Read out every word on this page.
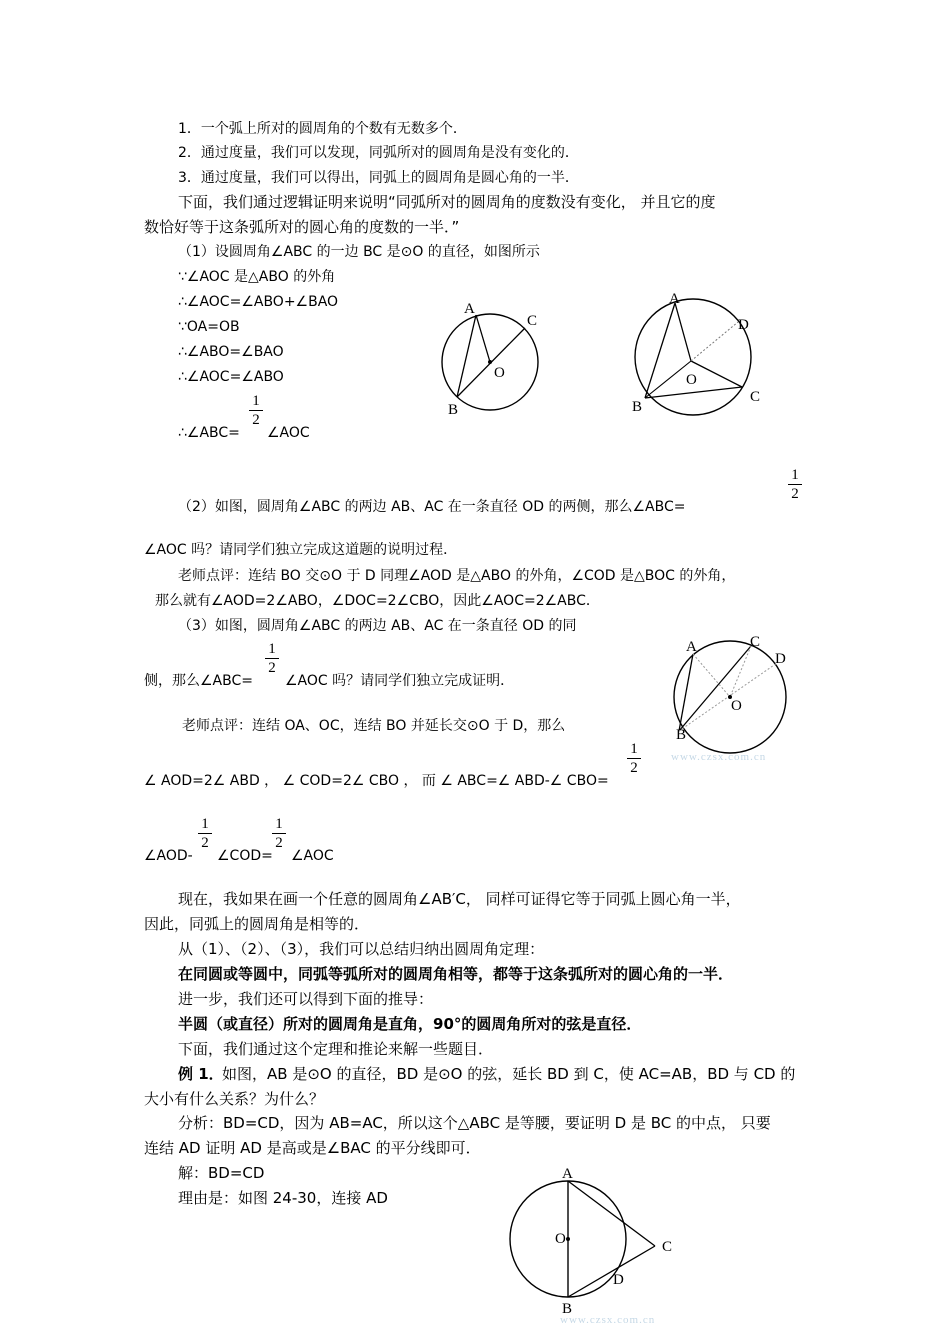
1．一个弧上所对的圆周角的个数有无数多个．
2．通过度量，我们可以发现，同弧所对的圆周角是没有变化的．
3．通过度量，我们可以得出，同弧上的圆周角是圆心角的一半．
下面，我们通过逻辑证明来说明“同弧所对的圆周角的度数没有变化， 并且它的度
数恰好等于这条弧所对的圆心角的度数的一半．”
（1）设圆周角∠ABC 的一边 BC 是⊙O 的直径，如图所示
∵∠AOC 是△ABO 的外角
∴∠AOC=∠ABO+∠BAO
∵OA=OB
∴∠ABO=∠BAO
∴∠AOC=∠ABO
∴∠ABC=
1
2
∠AOC
（2）如图，圆周角∠ABC 的两边 AB、AC 在一条直径 OD 的两侧，那么∠ABC=
1
2
∠AOC 吗？请同学们独立完成这道题的说明过程．
老师点评：连结 BO 交⊙O 于 D 同理∠AOD 是△ABO 的外角，∠COD 是△BOC 的外角，
那么就有∠AOD=2∠ABO，∠DOC=2∠CBO，因此∠AOC=2∠ABC．
（3）如图，圆周角∠ABC 的两边 AB、AC 在一条直径 OD 的同
侧，那么∠ABC=
1
2
∠AOC 吗？请同学们独立完成证明．
老师点评：连结 OA、OC，连结 BO 并延长交⊙O 于 D，那么
∠ AOD=2∠ ABD ， ∠ COD=2∠ CBO ， 而 ∠ ABC=∠ ABD-∠ CBO=
1
2
∠AOD-
1
2
∠COD=
1
2
∠AOC
现在，我如果在画一个任意的圆周角∠AB′C， 同样可证得它等于同弧上圆心角一半，
因此，同弧上的圆周角是相等的．
从（1）、（2）、（3），我们可以总结归纳出圆周角定理：
在同圆或等圆中，同弧等弧所对的圆周角相等，都等于这条弧所对的圆心角的一半．
进一步，我们还可以得到下面的推导：
半圆（或直径）所对的圆周角是直角，90°的圆周角所对的弦是直径．
下面，我们通过这个定理和推论来解一些题目．
例 1．
如图，AB 是⊙O 的直径，BD 是⊙O 的弦，延长 BD 到 C，使 AC=AB，BD 与 CD 的
大小有什么关系？为什么？
分析：BD=CD，因为 AB=AC，所以这个△ABC 是等腰，要证明 D 是 BC 的中点， 只要
连结 AD 证明 AD 是高或是∠BAC 的平分线即可．
解：BD=CD
理由是：如图 24-30，连接 AD
A
C
O
B
A
D
O
B
C
A	C
D
O
B
www.czsx.com.cn
A
O	C
D
B
www.czsx.com.cn
